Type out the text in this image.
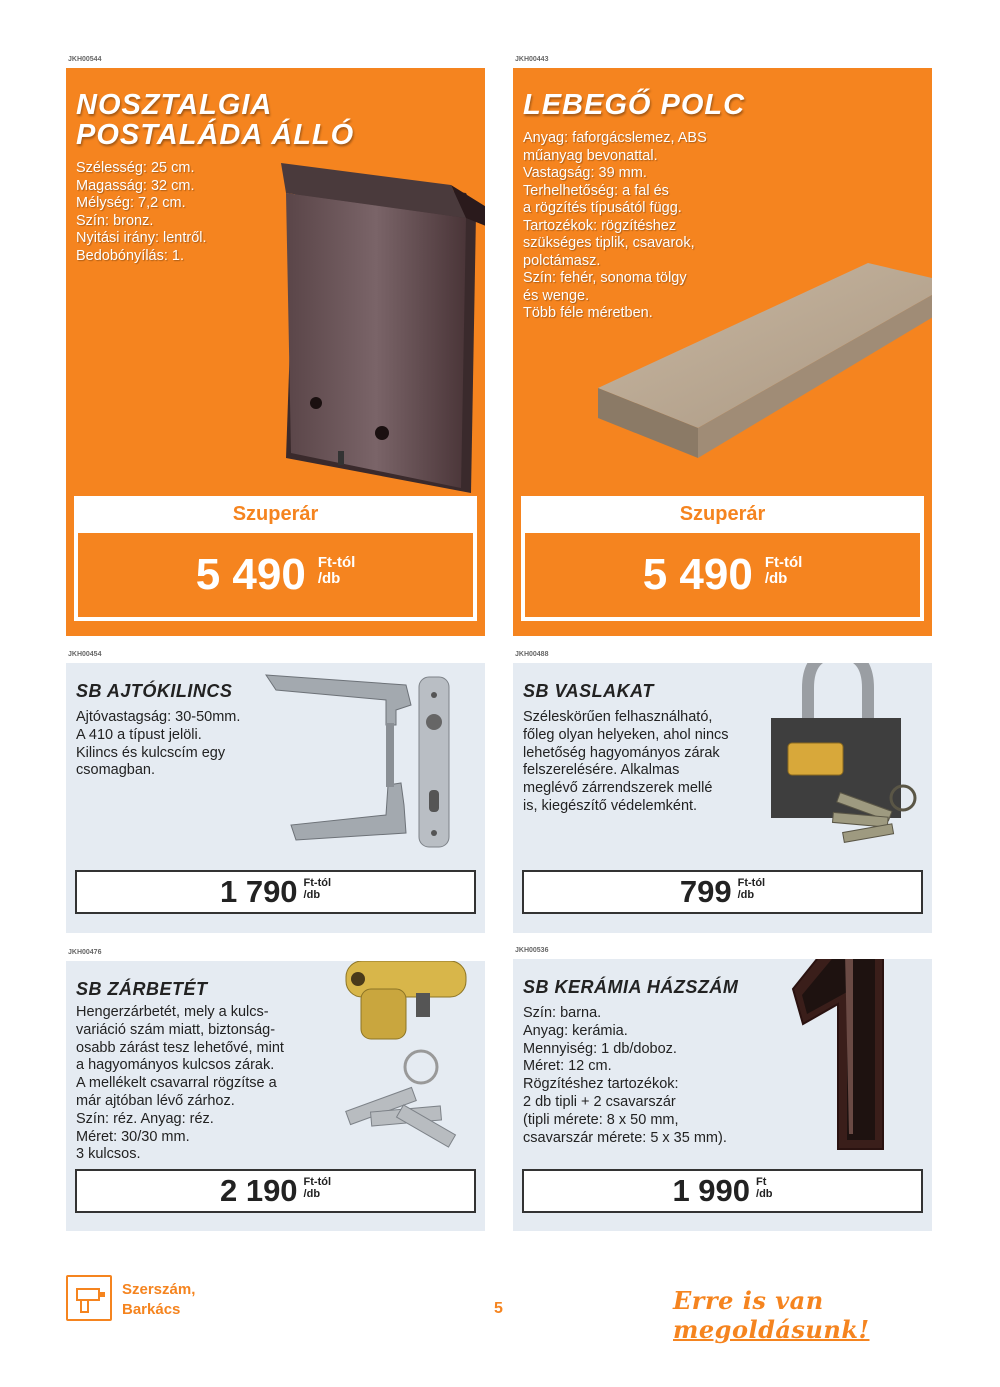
JKH00544
NOSZTALGIA
POSTALÁDA ÁLLÓ
Szélesség: 25 cm.
Magasság: 32 cm.
Mélység: 7,2 cm.
Szín: bronz.
Nyitási irány: lentről.
Bedobónyílás: 1.
Szuperár
5 490 Ft-tól
/db
JKH00443
LEBEGŐ POLC
Anyag: faforgácslemez, ABS
műanyag bevonattal.
Vastagság: 39 mm.
Terhelhetőség: a fal és
a rögzítés típusától függ.
Tartozékok: rögzítéshez
szükséges tiplik, csavarok,
polctámasz.
Szín: fehér, sonoma tölgy
és wenge.
Több féle méretben.
Szuperár
5 490 Ft-tól
/db
JKH00454
SB AJTÓKILINCS
Ajtóvastagság: 30-50mm.
A 410 a típust jelöli.
Kilincs és kulcscím egy
csomagban.
1 790 Ft-tól
/db
JKH00488
SB VASLAKAT
Széleskörűen felhasználható,
főleg olyan helyeken, ahol nincs
lehetőség hagyományos zárak
felszerelésére. Alkalmas
meglévő zárrendszerek mellé
is, kiegészítő védelemként.
799 Ft-tól
/db
JKH00476
SB ZÁRBETÉT
Hengerzárbetét, mely a kulcs-
variáció szám miatt, biztonság-
osabb zárást tesz lehetővé, mint
a hagyományos kulcsos zárak.
A mellékelt csavarral rögzítse a
már ajtóban lévő zárhoz.
Szín: réz. Anyag: réz.
Méret: 30/30 mm.
3 kulcsos.
2 190 Ft-tól
/db
JKH00536
SB KERÁMIA HÁZSZÁM
Szín: barna.
Anyag: kerámia.
Mennyiség: 1 db/doboz.
Méret: 12 cm.
Rögzítéshez tartozékok:
2 db tipli + 2 csavarszár
(tipli mérete: 8 x 50 mm,
csavarszár mérete: 5 x 35 mm).
1 990 Ft
/db
Szerszám,
Barkács	5	Erre is van megoldásunk!
